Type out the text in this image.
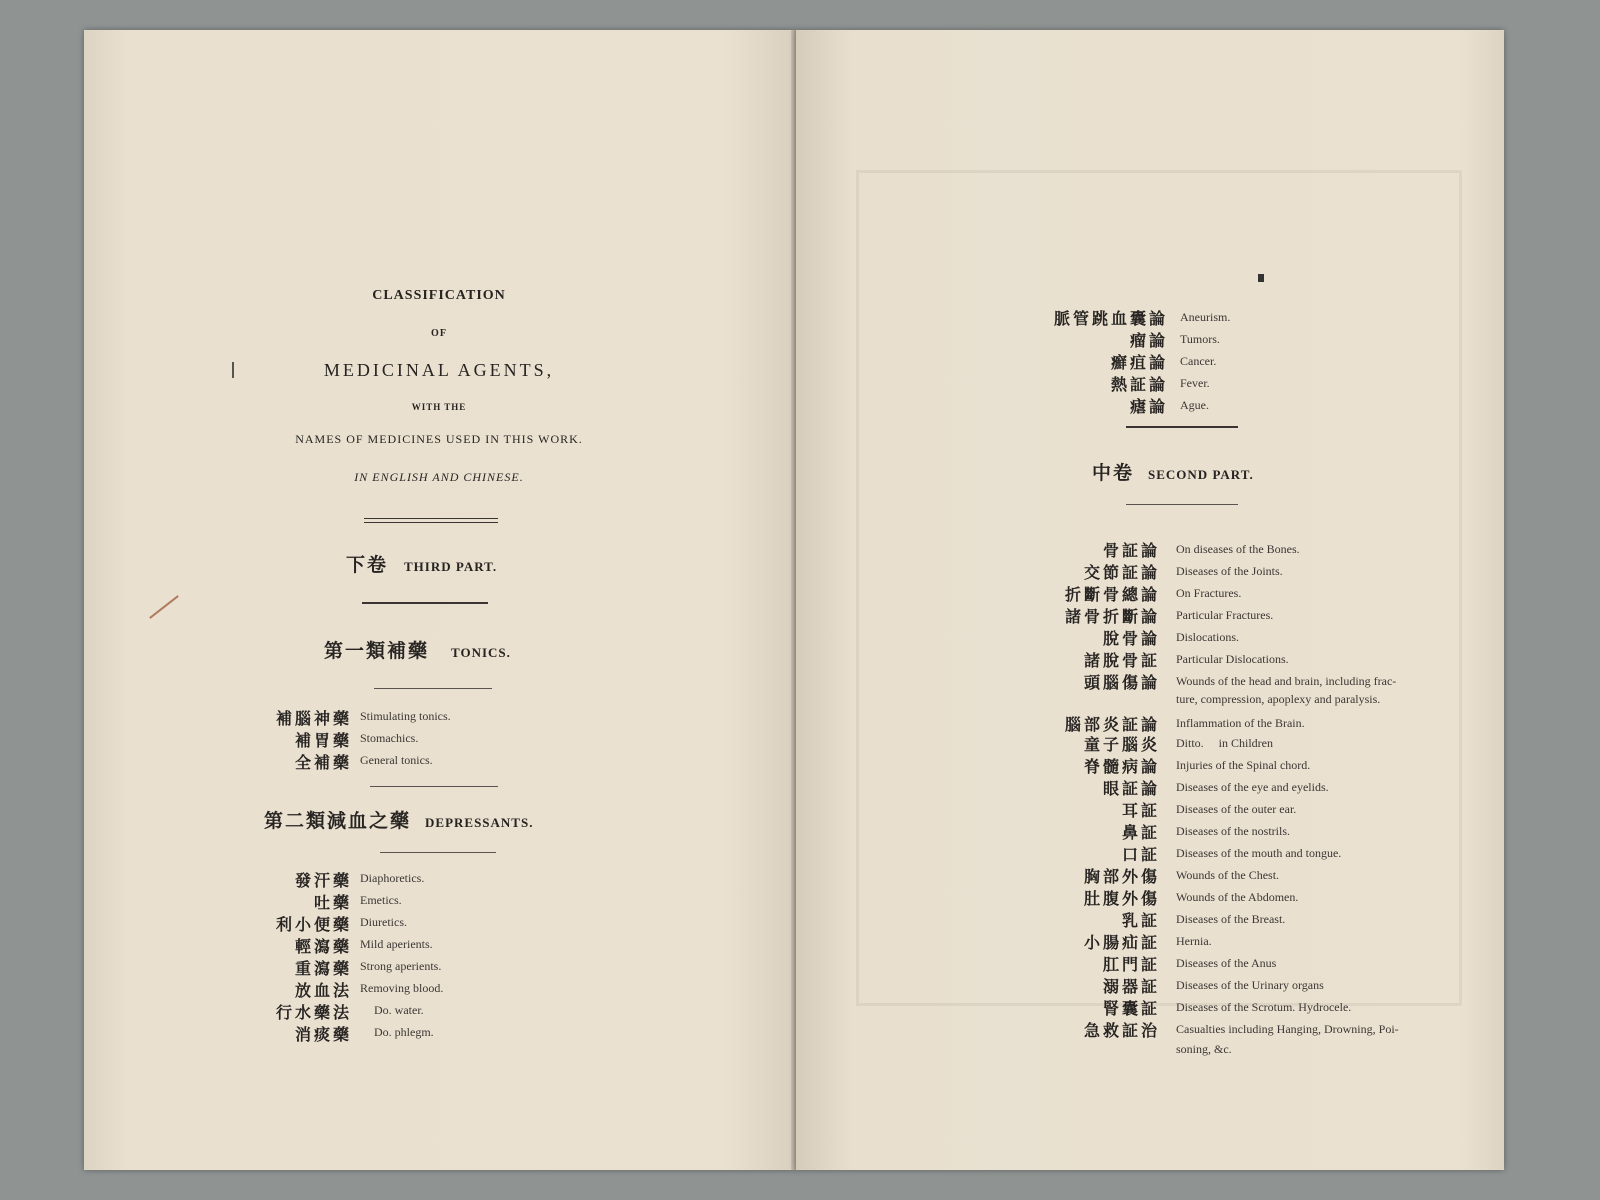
CLASSIFICATION
OF
MEDICINAL AGENTS,
WITH THE
NAMES OF MEDICINES USED IN THIS WORK.
IN ENGLISH AND CHINESE.
下卷 THIRD PART.
第一類補藥 TONICS.
補腦神藥 Stimulating tonics.
補胃藥 Stomachics.
全補藥 General tonics.
第二類減血之藥 DEPRESSANTS.
發汗藥 Diaphoretics.
吐藥 Emetics.
利小便藥 Diuretics.
輕瀉藥 Mild aperients.
重瀉藥 Strong aperients.
放血法 Removing blood.
行水藥法 Do. water.
消痰藥 Do. phlegm.
脈管跳血囊論 Aneurism.
瘤論 Tumors.
癬疽論 Cancer.
熱証論 Fever.
瘧論 Ague.
中卷 SECOND PART.
骨証論 On diseases of the Bones.
交節証論 Diseases of the Joints.
折斷骨總論 On Fractures.
諸骨折斷論 Particular Fractures.
脫骨論 Dislocations.
諸脫骨証 Particular Dislocations.
頭腦傷論 Wounds of the head and brain, including frac-
ture, compression, apoplexy and paralysis.
腦部炎証論 Inflammation of the Brain.
童子腦炎 Ditto.     in Children
脊髓病論 Injuries of the Spinal chord.
眼証論 Diseases of the eye and eyelids.
耳証 Diseases of the outer ear.
鼻証 Diseases of the nostrils.
口証 Diseases of the mouth and tongue.
胸部外傷 Wounds of the Chest.
肚腹外傷 Wounds of the Abdomen.
乳証 Diseases of the Breast.
小腸疝証 Hernia.
肛門証 Diseases of the Anus
溺器証 Diseases of the Urinary organs
腎囊証 Diseases of the Scrotum. Hydrocele.
急救証治 Casualties including Hanging, Drowning, Poi-
soning, &c.
